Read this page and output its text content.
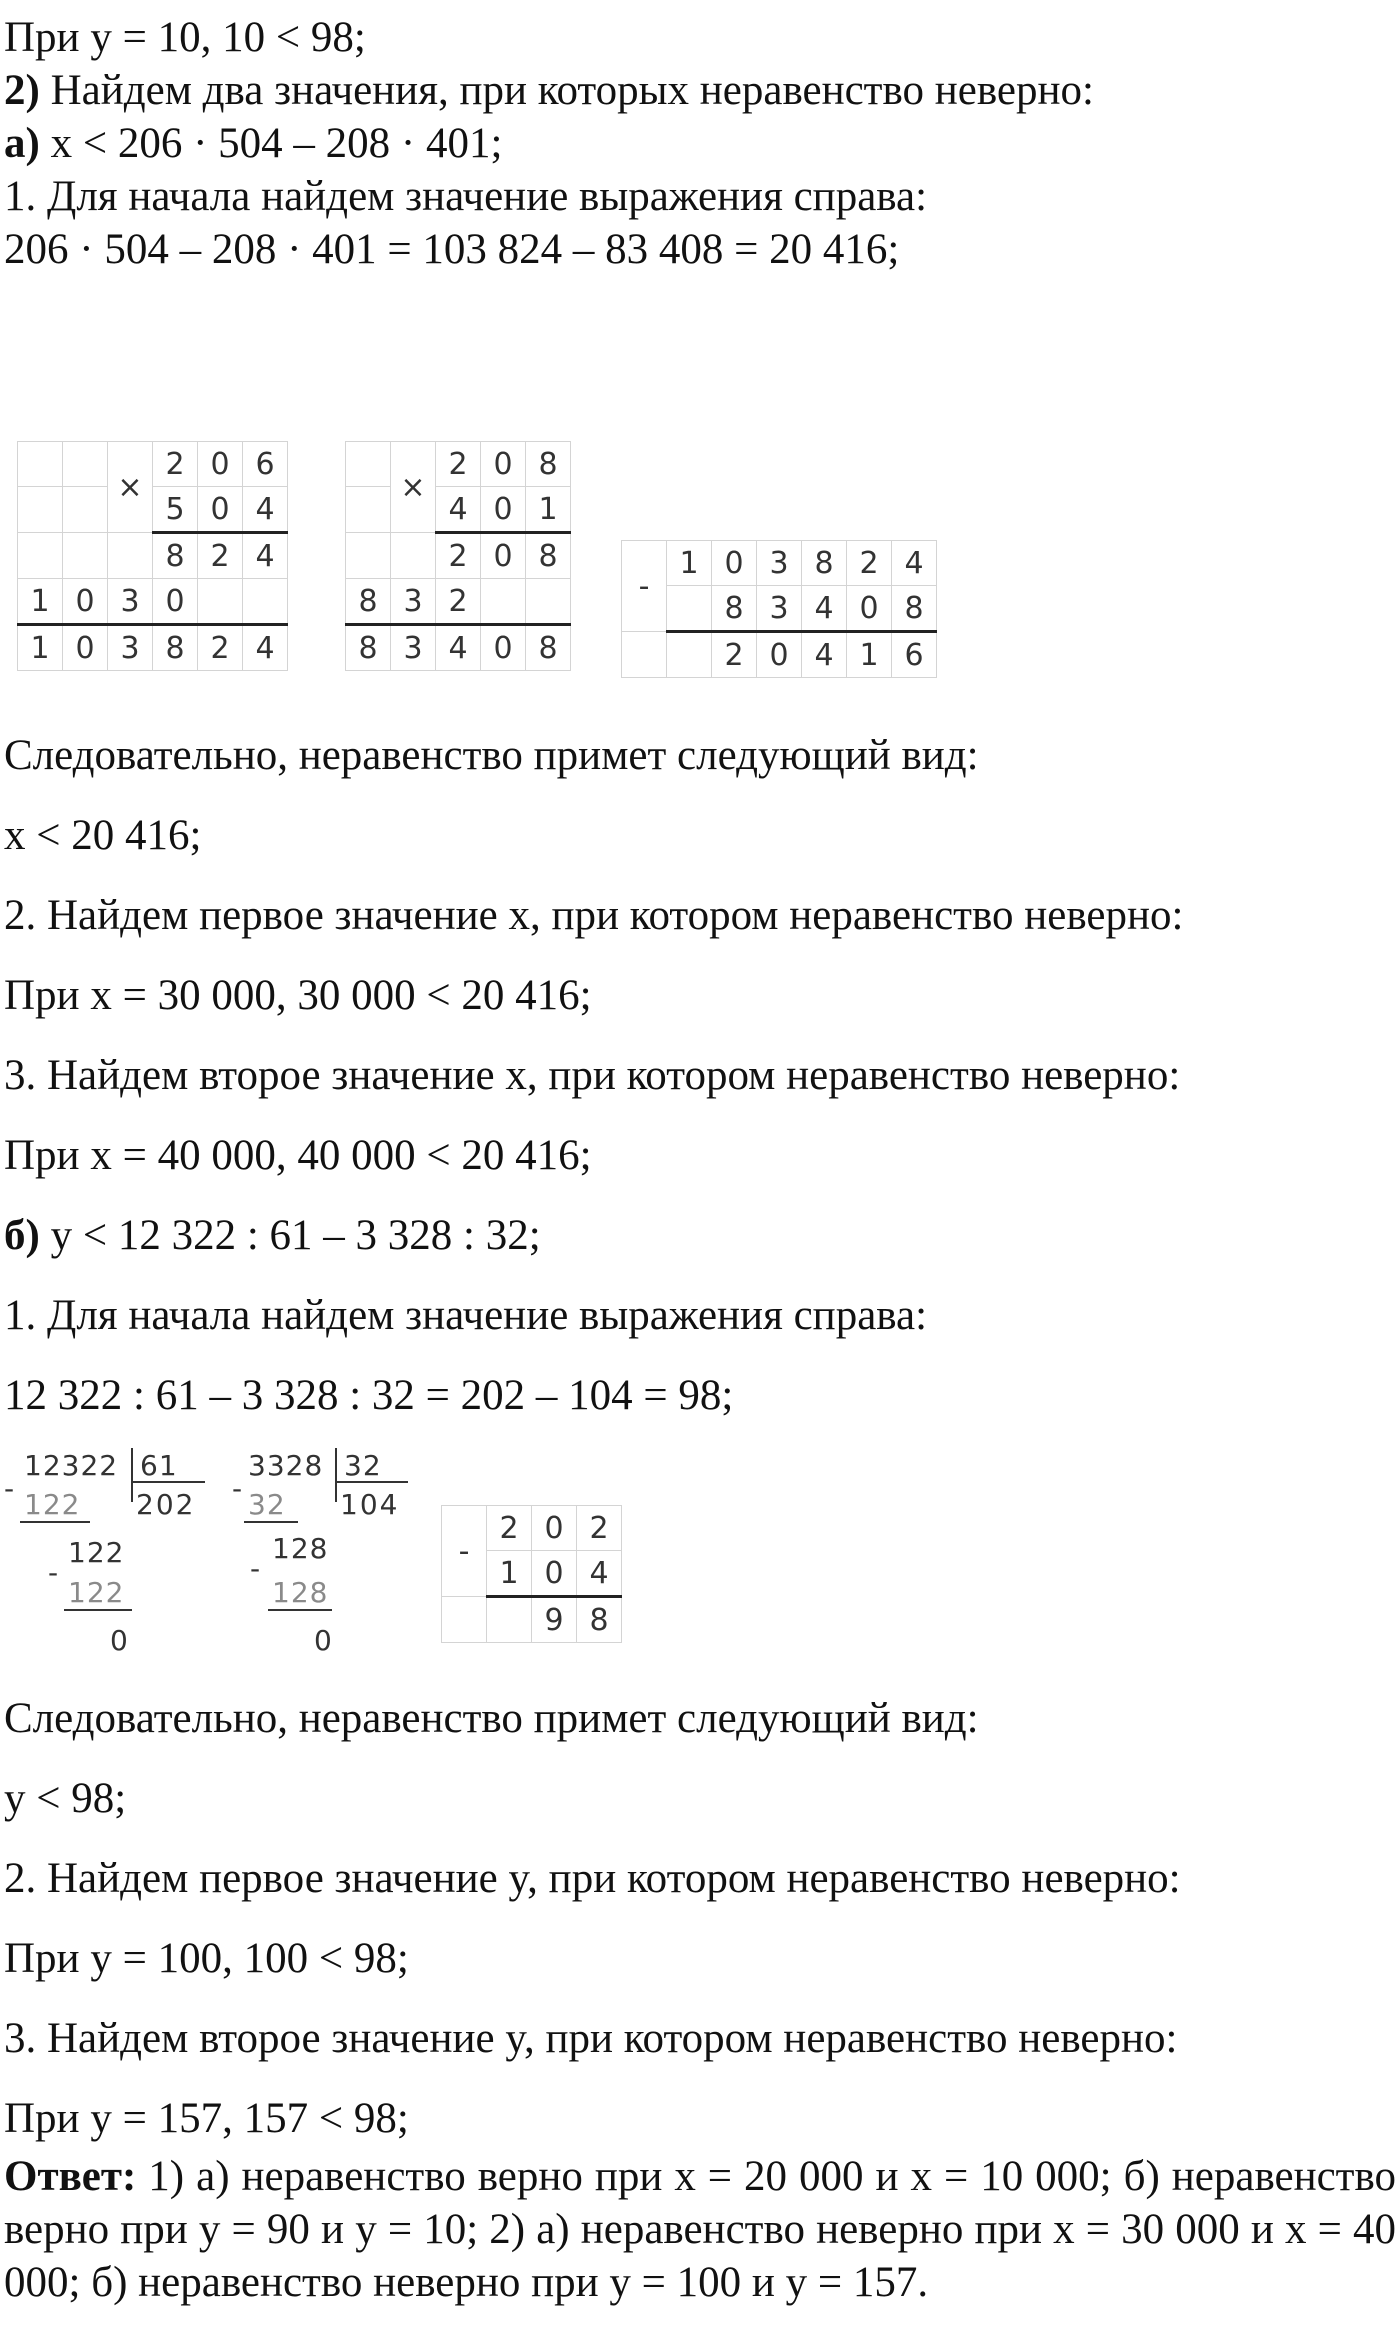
При y = 10, 10 < 98;
2) Найдем два значения, при которых неравенство неверно:
а) x < 206 · 504 – 208 · 401;
1. Для начала найдем значение выражения справа:
206 · 504 – 208 · 401 = 103 824 – 83 408 = 20 416;
		×	2	0	6
			5	0	4
			8	2	4
1	0	3	0		
1	0	3	8	2	4
	×	2	0	8
		4	0	1
		2	0	8
8	3	2		
8	3	4	0	8
-	1	0	3	8	2	4
		8	3	4	0	8
		2	0	4	1	6
Следовательно, неравенство примет следующий вид:
x < 20 416;
2. Найдем первое значение x, при котором неравенство неверно:
При x = 30 000, 30 000 < 20 416;
3. Найдем второе значение x, при котором неравенство неверно:
При x = 40 000, 40 000 < 20 416;
б) y < 12 322 : 61 – 3 328 : 32;
1. Для начала найдем значение выражения справа:
12 322 : 61 – 3 328 : 32 = 202 – 104 = 98;
12322 61
202
- 122
122
-
122
0
3328 32
104
- 32
128
-
128
0
-	2	0	2
	1	0	4
		9	8
Следовательно, неравенство примет следующий вид:
y < 98;
2. Найдем первое значение y, при котором неравенство неверно:
При y = 100, 100 < 98;
3. Найдем второе значение y, при котором неравенство неверно:
При y = 157, 157 < 98;
Ответ: 1) а) неравенство верно при x = 20 000 и x = 10 000; б) неравенство верно при y = 90 и y = 10; 2) а) неравенство неверно при x = 30 000 и x = 40 000; б) неравенство неверно при y = 100 и y = 157.
